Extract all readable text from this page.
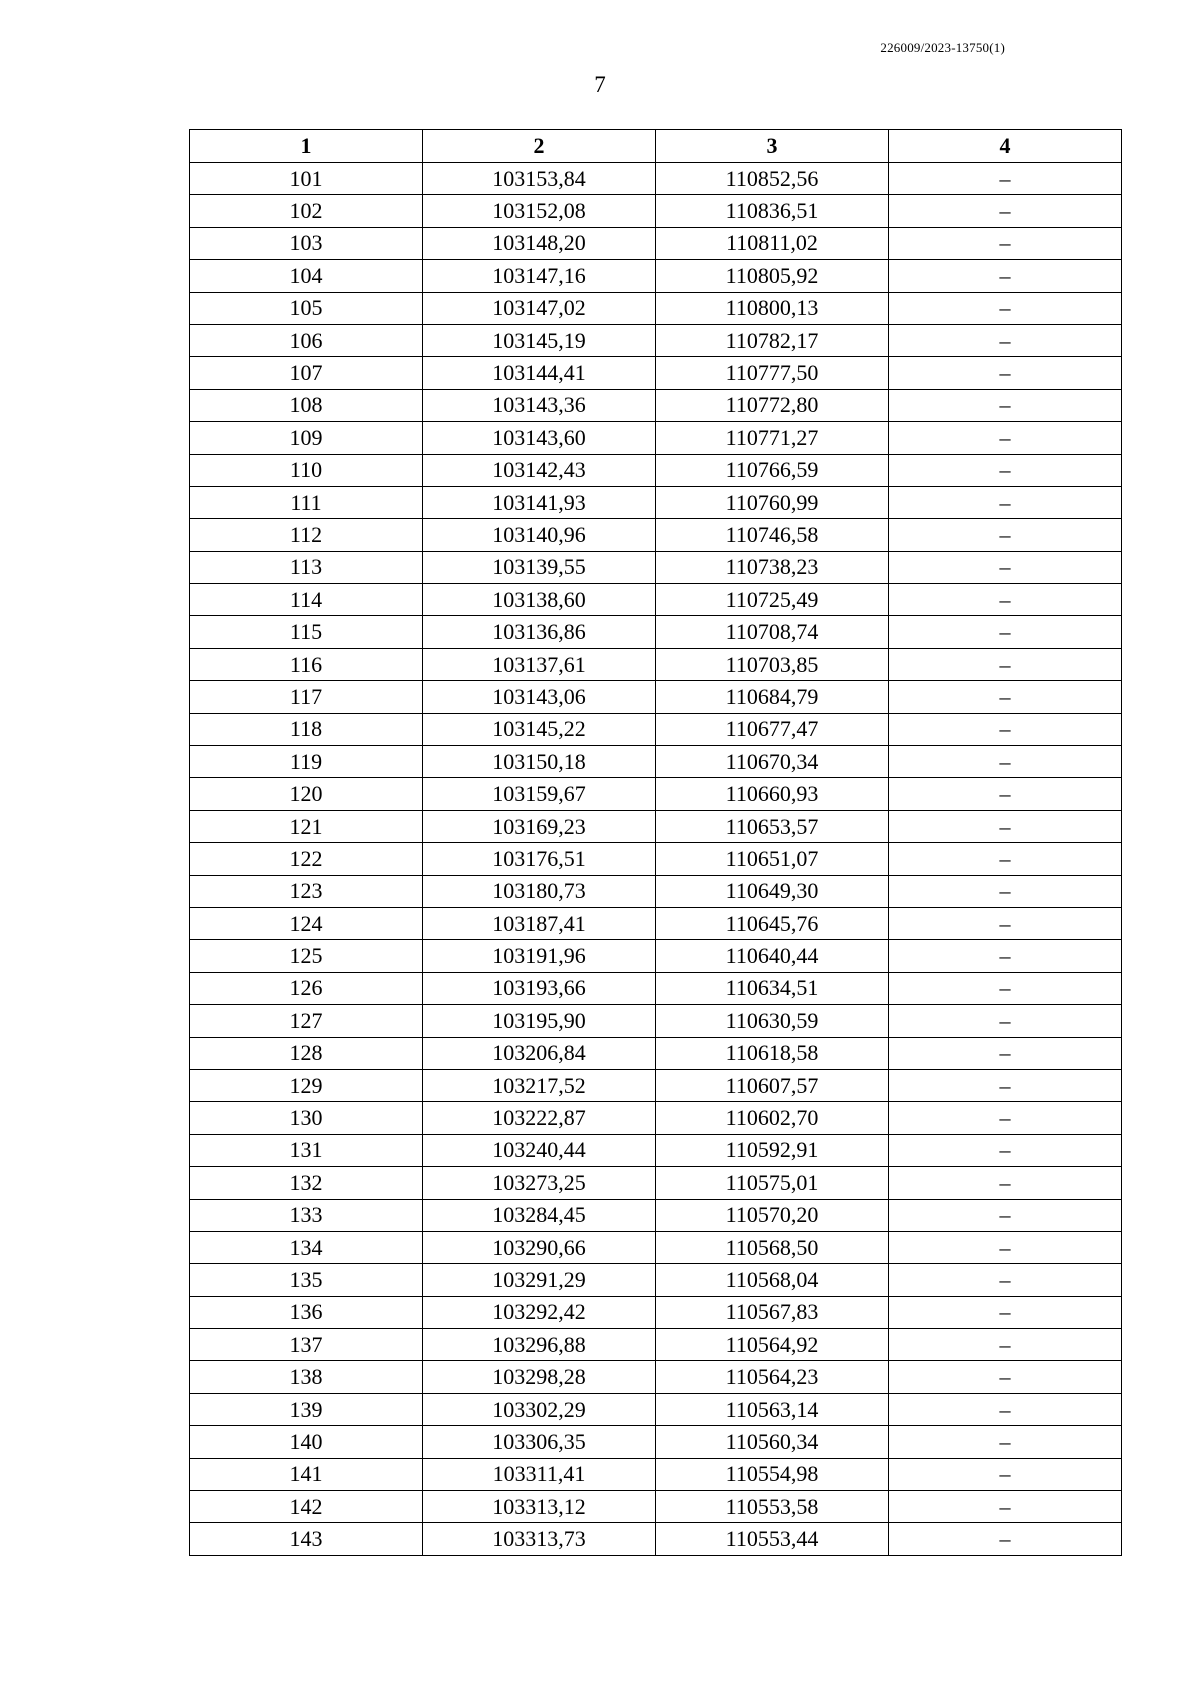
226009/2023-13750(1)
7
1	2	3	4
101	103153,84	110852,56	–
102	103152,08	110836,51	–
103	103148,20	110811,02	–
104	103147,16	110805,92	–
105	103147,02	110800,13	–
106	103145,19	110782,17	–
107	103144,41	110777,50	–
108	103143,36	110772,80	–
109	103143,60	110771,27	–
110	103142,43	110766,59	–
111	103141,93	110760,99	–
112	103140,96	110746,58	–
113	103139,55	110738,23	–
114	103138,60	110725,49	–
115	103136,86	110708,74	–
116	103137,61	110703,85	–
117	103143,06	110684,79	–
118	103145,22	110677,47	–
119	103150,18	110670,34	–
120	103159,67	110660,93	–
121	103169,23	110653,57	–
122	103176,51	110651,07	–
123	103180,73	110649,30	–
124	103187,41	110645,76	–
125	103191,96	110640,44	–
126	103193,66	110634,51	–
127	103195,90	110630,59	–
128	103206,84	110618,58	–
129	103217,52	110607,57	–
130	103222,87	110602,70	–
131	103240,44	110592,91	–
132	103273,25	110575,01	–
133	103284,45	110570,20	–
134	103290,66	110568,50	–
135	103291,29	110568,04	–
136	103292,42	110567,83	–
137	103296,88	110564,92	–
138	103298,28	110564,23	–
139	103302,29	110563,14	–
140	103306,35	110560,34	–
141	103311,41	110554,98	–
142	103313,12	110553,58	–
143	103313,73	110553,44	–
